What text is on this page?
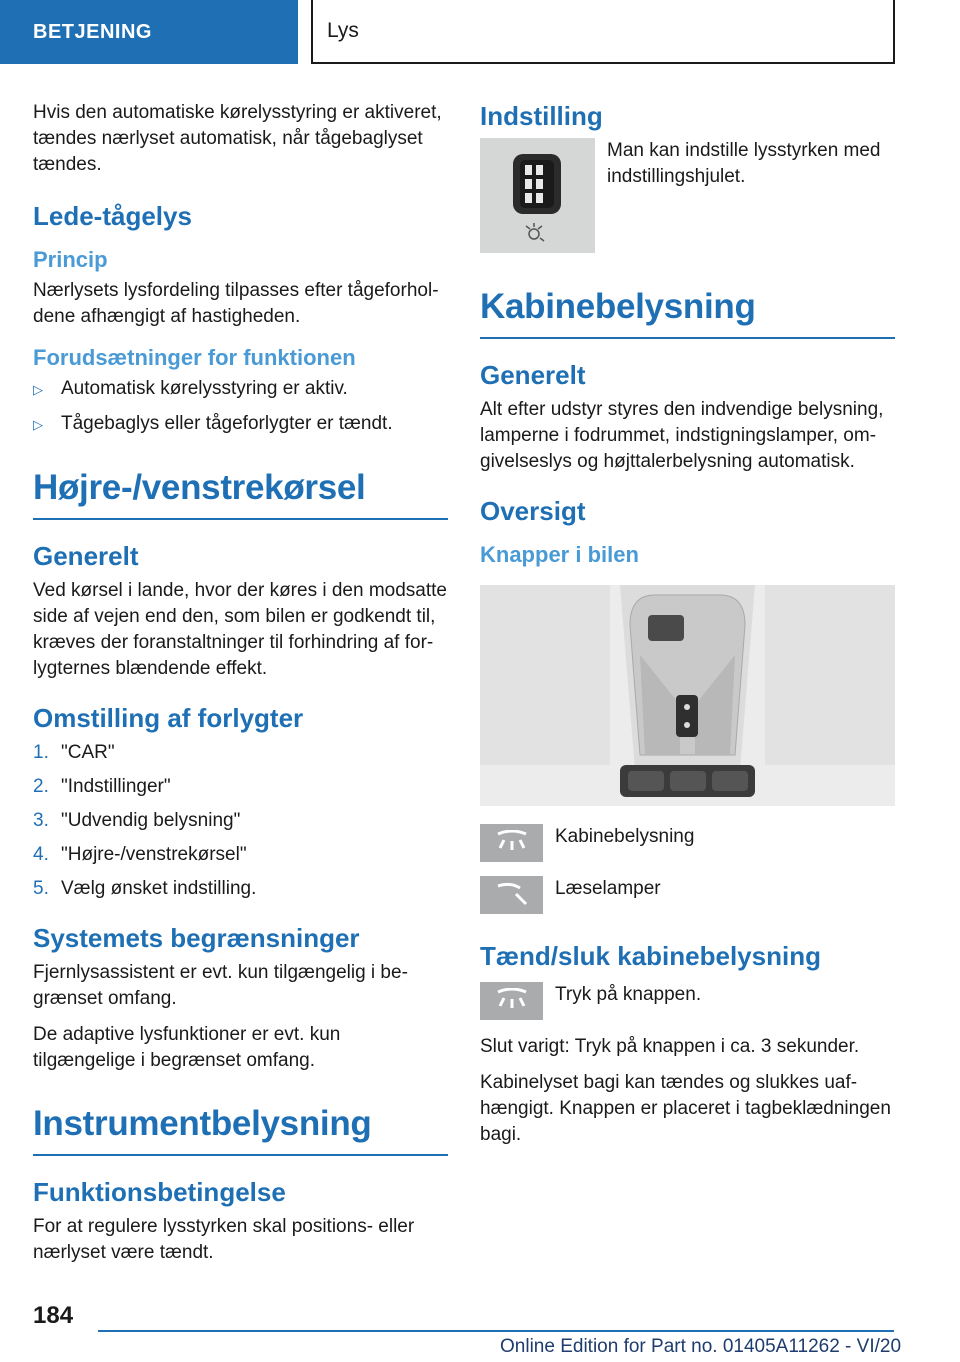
BETJENING	Lys

Hvis den automatiske kørelysstyring er aktiveret, tændes nærlyset automatisk, når tågebaglyset tændes.

Lede-tågelys
Princip

Nærlysets lysfordeling tilpasses efter tågeforholdene afhængigt af hastigheden.

Forudsætninger for funktionen
▷ Automatisk kørelysstyring er aktiv.
▷ Tågebaglys eller tågeforlygter er tændt.
Højre-/venstrekørsel
Generelt

Ved kørsel i lande, hvor der køres i den modsatte side af vejen end den, som bilen er godkendt til, kræves der foranstaltninger til forhindring af forlygternes blændende effekt.

Omstilling af forlygter
1. "CAR"
2. "Indstillinger"
3. "Udvendig belysning"
4. "Højre-/venstrekørsel"
5. Vælg ønsket indstilling.
Systemets begrænsninger

Fjernlysassistent er evt. kun tilgængelig i begrænset omfang.

De adaptive lysfunktioner er evt. kun tilgængelige i begrænset omfang.

Instrumentbelysning
Funktionsbetingelse

For at regulere lysstyrken skal positions- eller nærlyset være tændt.

Indstilling

Man kan indstille lysstyrken med indstillingshjulet.

Kabinebelysning
Generelt

Alt efter udstyr styres den indvendige belysning, lamperne i fodrummet, indstigningslamper, omgivelseslys og højttalerbelysning automatisk.

Oversigt
Knapper i bilen

Kabinebelysning

Læselamper

Tænd/sluk kabinebelysning

Tryk på knappen.

Slut varigt: Tryk på knappen i ca. 3 sekunder.

Kabinelyset bagi kan tændes og slukkes uafhængigt. Knappen er placeret i tagbeklædningen bagi.

184
Online Edition for Part no. 01405A11262 - VI/20
